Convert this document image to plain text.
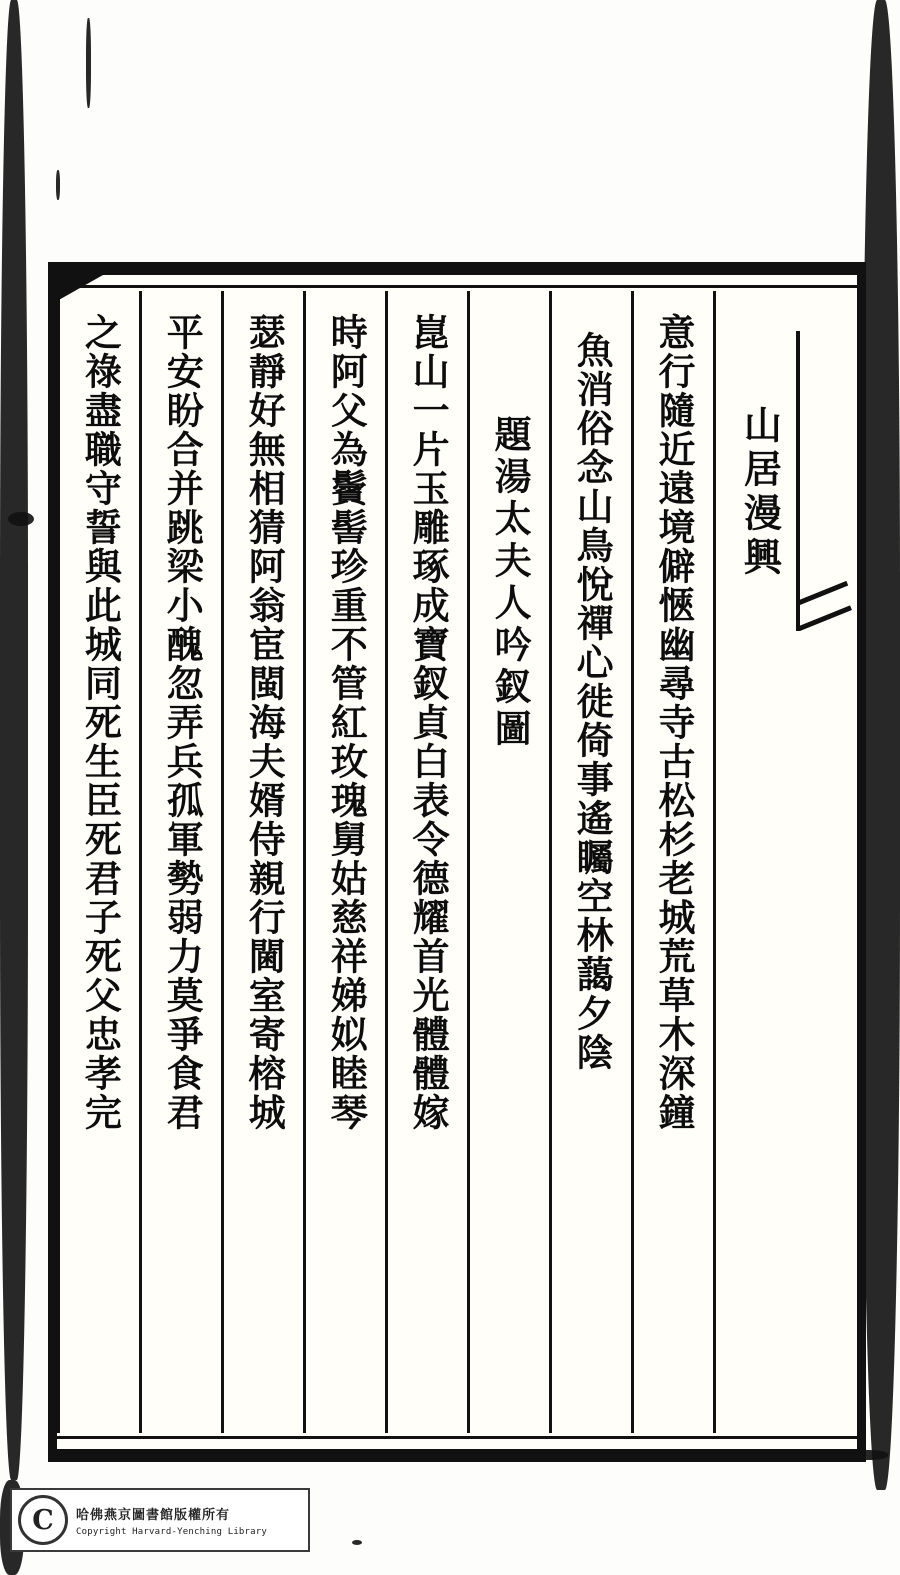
山居漫興
意行隨近遠境僻愜幽尋寺古松杉老城荒草木深鐘
魚消俗念山鳥悅禪心徙倚事遙矚空林藹夕陰
題湯太夫人吟釵圖
崑山一片玉雕琢成寶釵貞白表令德耀首光體體嫁
時阿父為鬢髻珍重不管紅玫瑰舅姑慈祥娣姒睦琴
瑟靜好無相猜阿翁宦閩海夫婿侍親行閫室寄榕城
平安盼合并跳梁小醜忽弄兵孤軍勢弱力莫爭食君
之祿盡職守誓與此城同死生臣死君子死父忠孝完
C	哈佛燕京圖書館版權所有
Copyright Harvard-Yenching Library
